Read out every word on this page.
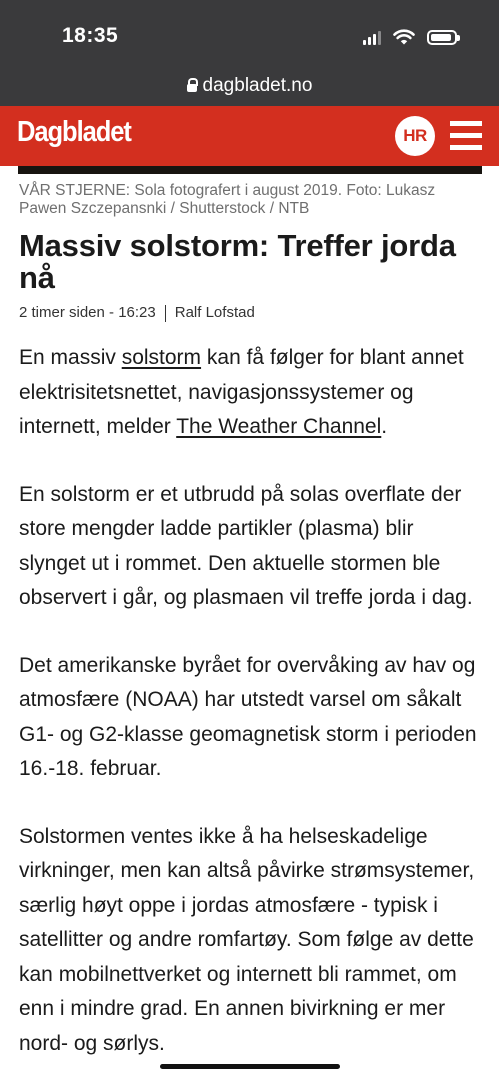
18:35
dagbladet.no
Dagbladet	HR

VÅR STJERNE: Sola fotografert i august 2019. Foto: Lukasz Pawen Szczepansnki / Shutterstock / NTB

Massiv solstorm: Treffer jorda nå
2 timer siden - 16:23 Ralf Lofstad

En massiv solstorm kan få følger for blant annet elektrisitetsnettet, navigasjonssystemer og internett, melder The Weather Channel.

En solstorm er et utbrudd på solas overflate der store mengder ladde partikler (plasma) blir slynget ut i rommet. Den aktuelle stormen ble observert i går, og plasmaen vil treffe jorda i dag.

Det amerikanske byrået for overvåking av hav og atmosfære (NOAA) har utstedt varsel om såkalt G1- og G2-klasse geomagnetisk storm i perioden 16.-18. februar.

Solstormen ventes ikke å ha helseskadelige virkninger, men kan altså påvirke strømsystemer, særlig høyt oppe i jordas atmosfære - typisk i satellitter og andre romfartøy. Som følge av dette kan mobilnettverket og internett bli rammet, om enn i mindre grad. En annen bivirkning er mer nord- og sørlys.
